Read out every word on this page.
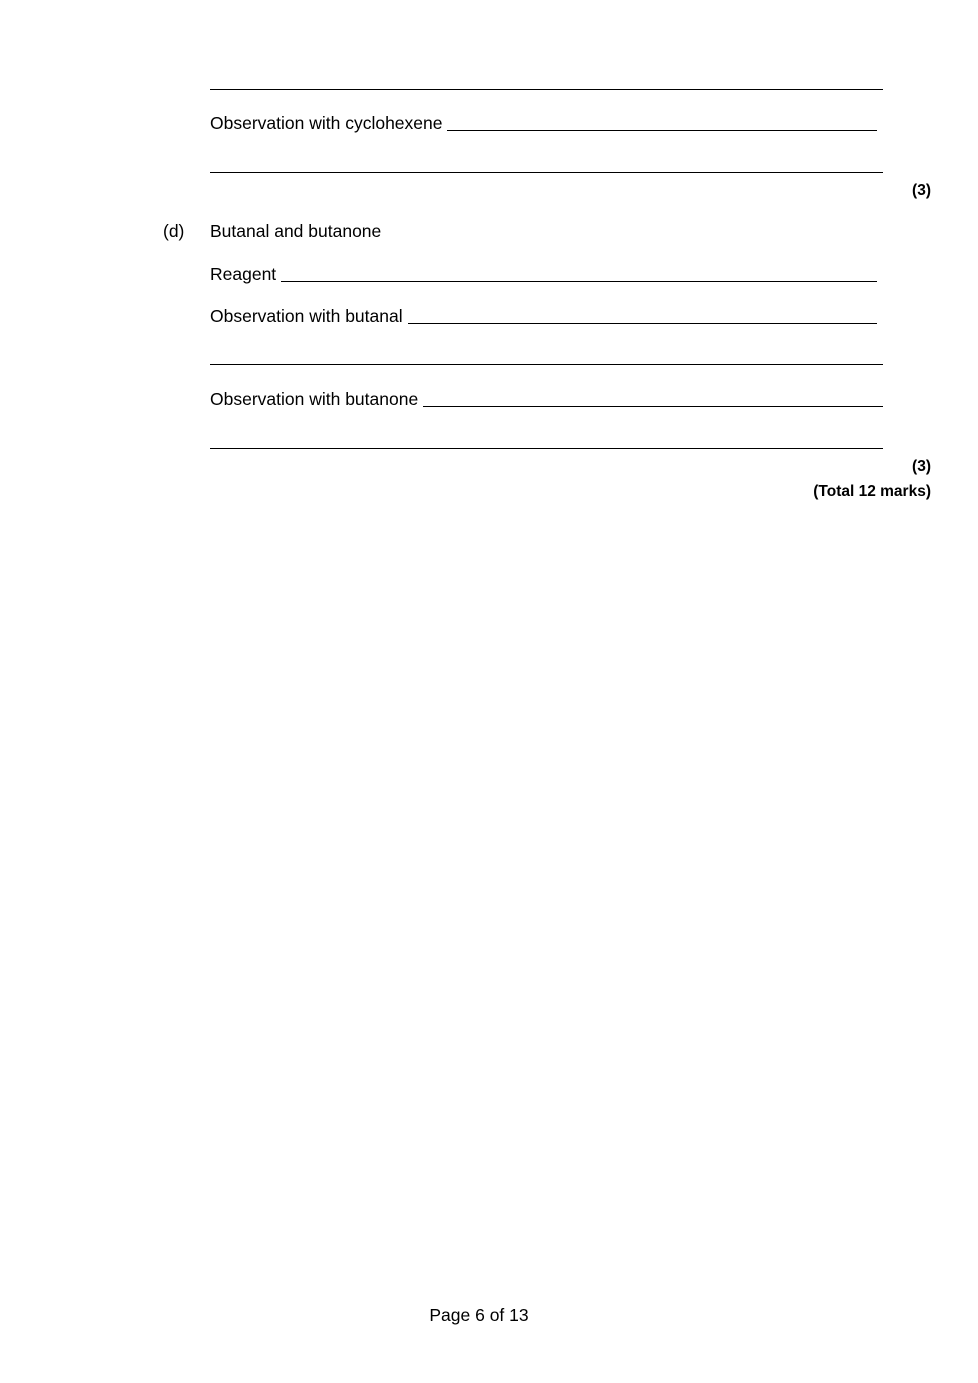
Observation with cyclohexene
(3)
(d) Butanal and butanone
Reagent
Observation with butanal
Observation with butanone
(3)
(Total 12 marks)
Page 6 of 13
